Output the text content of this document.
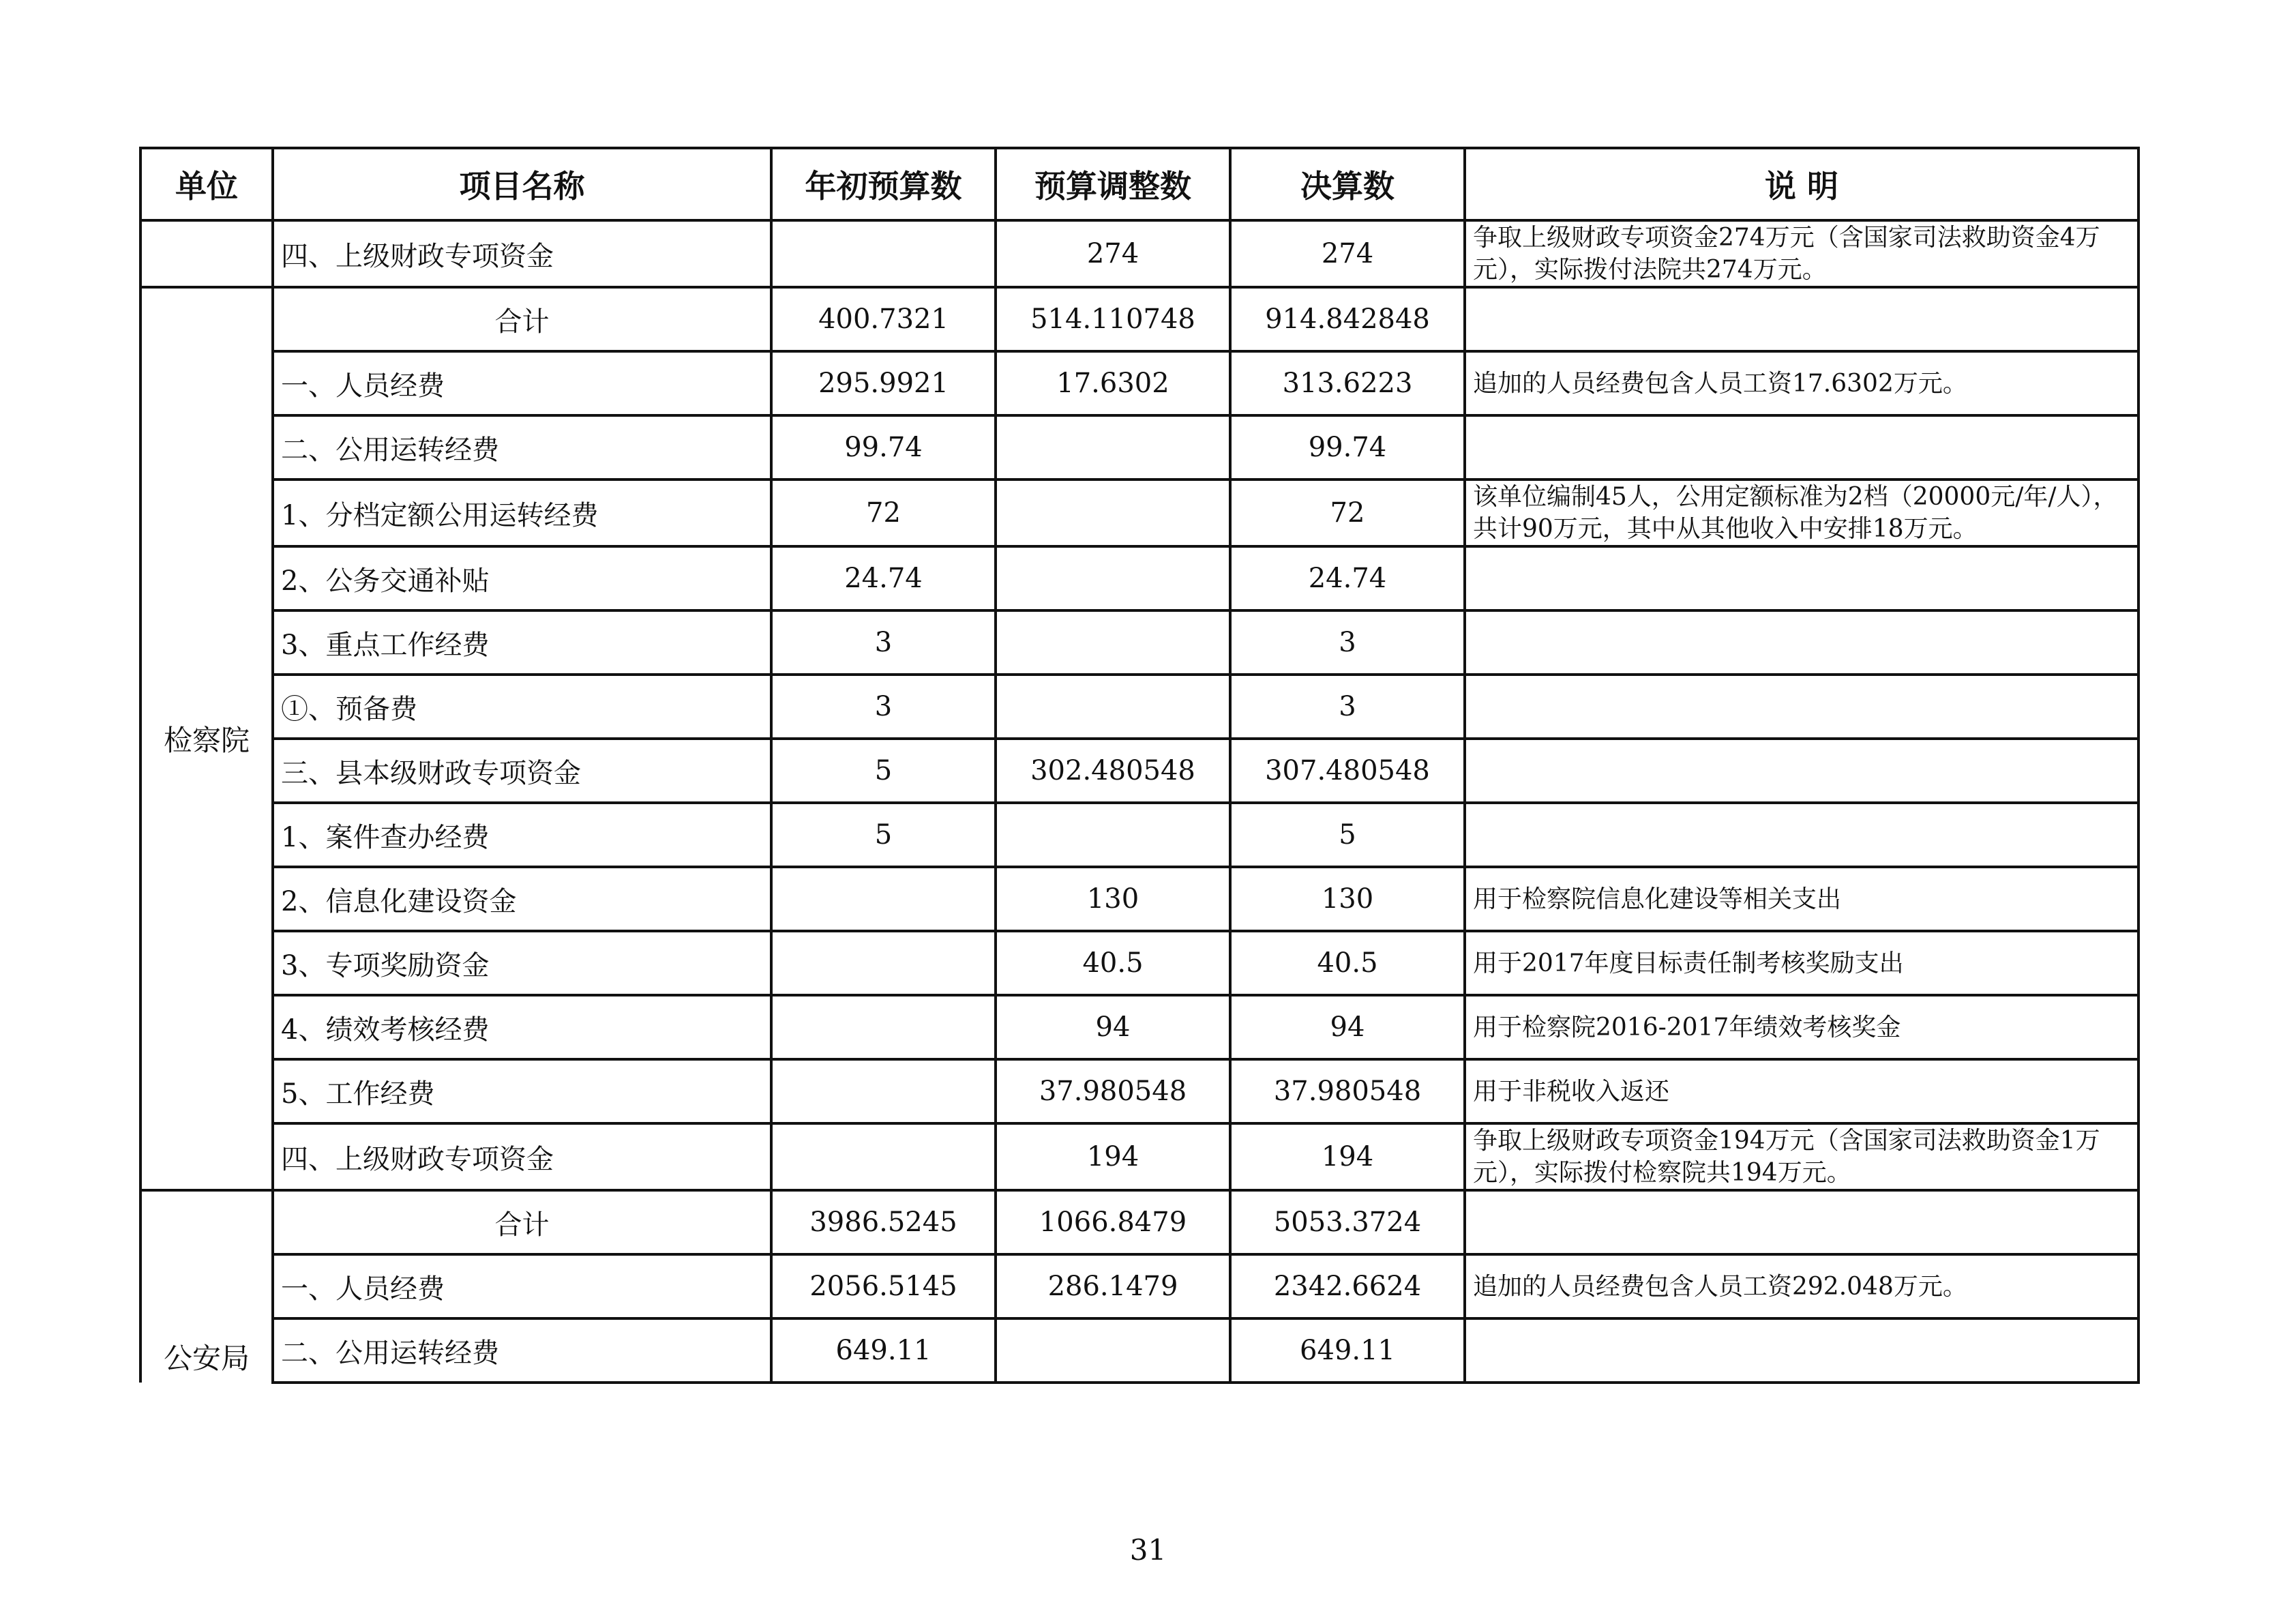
单位	项目名称	年初预算数	预算调整数	决算数	说 明
	四、上级财政专项资金		274	274	争取上级财政专项资金274万元（含国家司法救助资金4万元），实际拨付法院共274万元。
检察院	合计	400.7321	514.110748	914.842848	
	一、人员经费	295.9921	17.6302	313.6223	追加的人员经费包含人员工资17.6302万元。
	二、公用运转经费	99.74		99.74	
	1、分档定额公用运转经费	72		72	该单位编制45人，公用定额标准为2档（20000元/年/人），共计90万元，其中从其他收入中安排18万元。
	2、公务交通补贴	24.74		24.74	
	3、重点工作经费	3		3	
	①、预备费	3		3	
	三、县本级财政专项资金	5	302.480548	307.480548	
	1、案件查办经费	5		5	
	2、信息化建设资金		130	130	用于检察院信息化建设等相关支出
	3、专项奖励资金		40.5	40.5	用于2017年度目标责任制考核奖励支出
	4、绩效考核经费		94	94	用于检察院2016-2017年绩效考核奖金
	5、工作经费		37.980548	37.980548	用于非税收入返还
	四、上级财政专项资金		194	194	争取上级财政专项资金194万元（含国家司法救助资金1万元），实际拨付检察院共194万元。
公安局	合计	3986.5245	1066.8479	5053.3724	
	一、人员经费	2056.5145	286.1479	2342.6624	追加的人员经费包含人员工资292.048万元。
	二、公用运转经费	649.11		649.11	
31
